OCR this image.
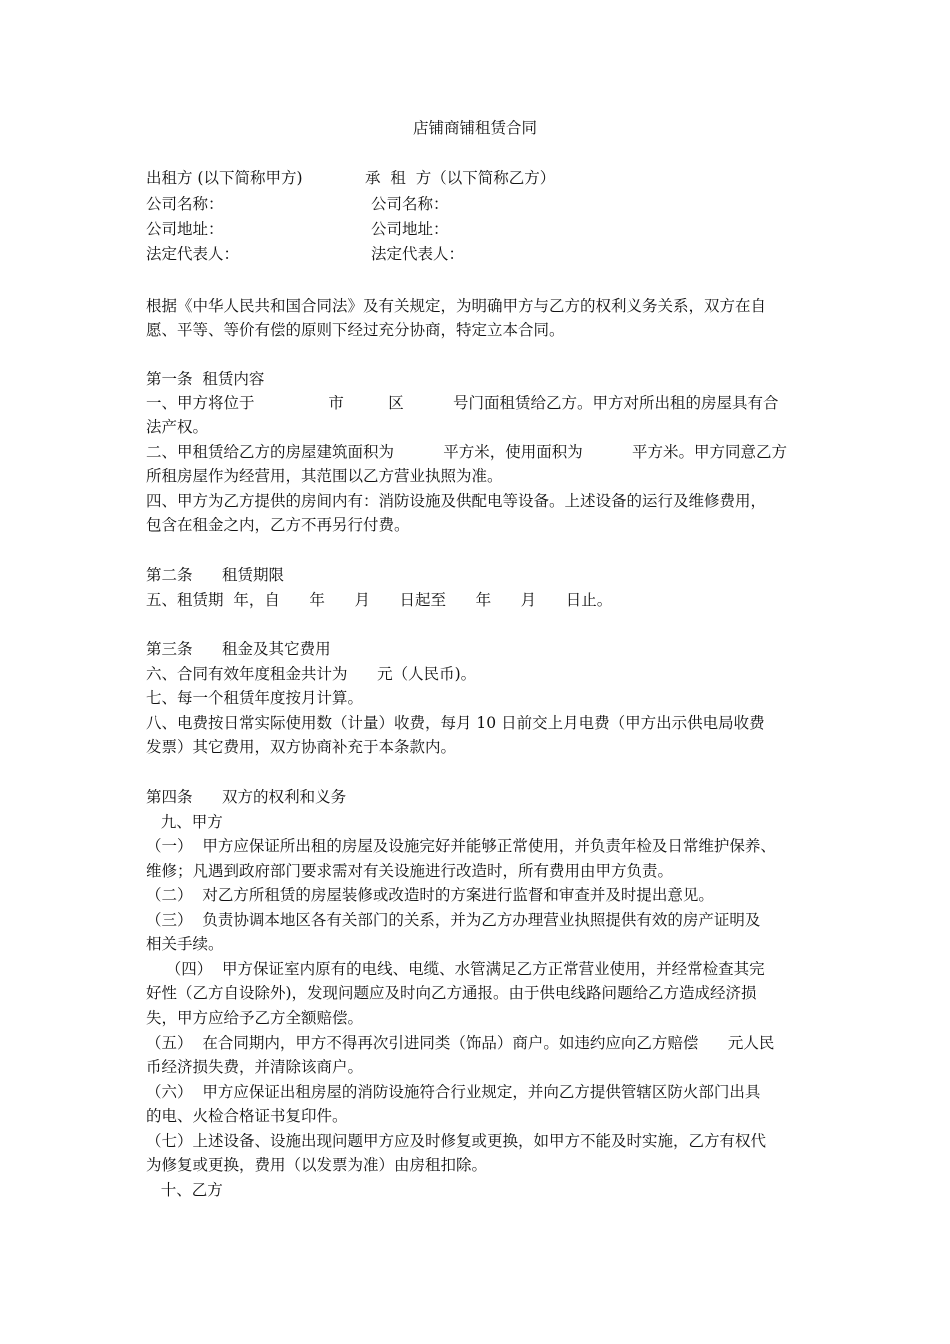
店铺商铺租赁合同
出租方 (以下简称甲方)	承  租  方（以下简称乙方）
公司名称：	公司名称：
公司地址：	公司地址：
法定代表人：	法定代表人：
根据《中华人民共和国合同法》及有关规定，为明确甲方与乙方的权利义务关系，双方在自
愿、平等、等价有偿的原则下经过充分协商，特定立本合同。
第一条  租赁内容
一、甲方将位于               市         区          号门面租赁给乙方。甲方对所出租的房屋具有合
法产权。
二、甲租赁给乙方的房屋建筑面积为          平方米，使用面积为          平方米。甲方同意乙方
所租房屋作为经营用，其范围以乙方营业执照为准。
四、甲方为乙方提供的房间内有：消防设施及供配电等设备。上述设备的运行及维修费用，
包含在租金之内，乙方不再另行付费。
第二条      租赁期限
五、租赁期  年，自      年      月      日起至      年      月      日止。
第三条      租金及其它费用
六、合同有效年度租金共计为      元（人民币)。
七、每一个租赁年度按月计算。
八、电费按日常实际使用数（计量）收费，每月 10 日前交上月电费（甲方出示供电局收费
发票）其它费用，双方协商补充于本条款内。
第四条      双方的权利和义务
九、甲方
（一）  甲方应保证所出租的房屋及设施完好并能够正常使用，并负责年检及日常维护保养、
维修；凡遇到政府部门要求需对有关设施进行改造时，所有费用由甲方负责。
（二）  对乙方所租赁的房屋装修或改造时的方案进行监督和审查并及时提出意见。
（三）  负责协调本地区各有关部门的关系，并为乙方办理营业执照提供有效的房产证明及
相关手续。
（四）  甲方保证室内原有的电线、电缆、水管满足乙方正常营业使用，并经常检查其完
好性（乙方自设除外)，发现问题应及时向乙方通报。由于供电线路问题给乙方造成经济损
失，甲方应给予乙方全额赔偿。
（五）  在合同期内，甲方不得再次引进同类（饰品）商户。如违约应向乙方赔偿      元人民
币经济损失费，并清除该商户。
（六）  甲方应保证出租房屋的消防设施符合行业规定，并向乙方提供管辖区防火部门出具
的电、火检合格证书复印件。
（七）上述设备、设施出现问题甲方应及时修复或更换，如甲方不能及时实施，乙方有权代
为修复或更换，费用（以发票为准）由房租扣除。
十、乙方
